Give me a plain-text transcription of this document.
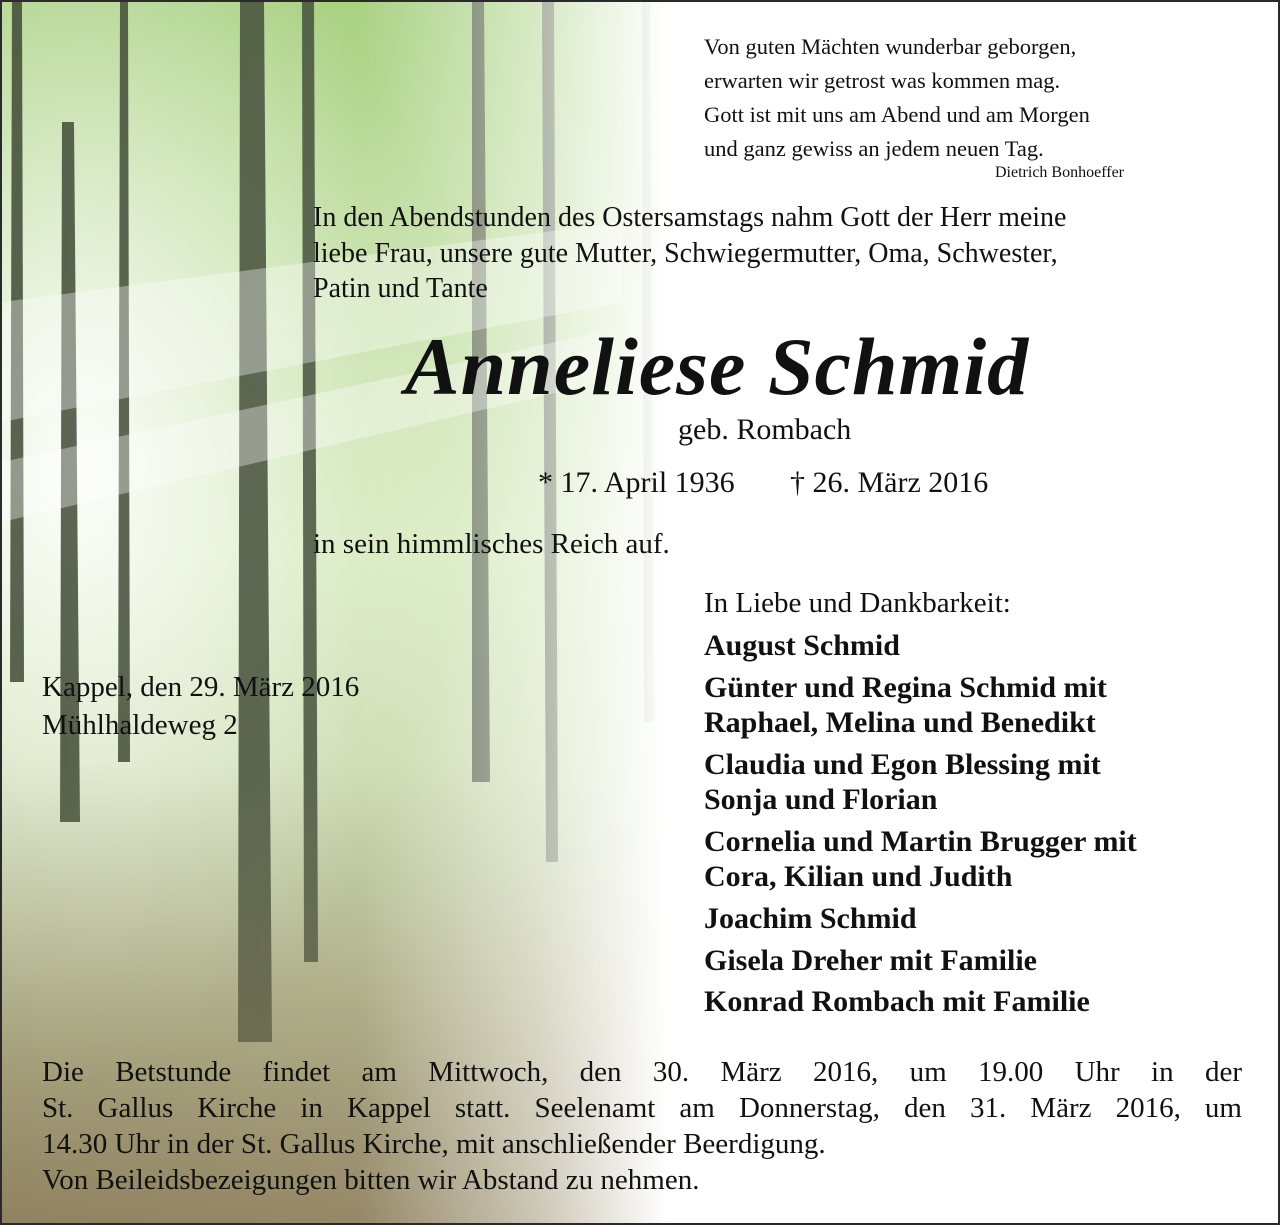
Von guten Mächten wunderbar geborgen,
erwarten wir getrost was kommen mag.
Gott ist mit uns am Abend und am Morgen
und ganz gewiss an jedem neuen Tag.
Dietrich Bonhoeffer
In den Abendstunden des Ostersamstags nahm Gott der Herr meine
liebe Frau, unsere gute Mutter, Schwiegermutter, Oma, Schwester,
Patin und Tante
Anneliese Schmid
geb. Rombach
* 17. April 1936 † 26. März 2016
in sein himmlisches Reich auf.
In Liebe und Dankbarkeit:
August Schmid
Günter und Regina Schmid mit
Raphael, Melina und Benedikt
Claudia und Egon Blessing mit
Sonja und Florian
Cornelia und Martin Brugger mit
Cora, Kilian und Judith
Joachim Schmid
Gisela Dreher mit Familie
Konrad Rombach mit Familie
Kappel, den 29. März 2016
Mühlhaldeweg 2
Die Betstunde findet am Mittwoch, den 30. März 2016, um 19.00 Uhr in der
St. Gallus Kirche in Kappel statt. Seelenamt am Donnerstag, den 31. März 2016, um
14.30 Uhr in der St. Gallus Kirche, mit anschließender Beerdigung.
Von Beileidsbezeigungen bitten wir Abstand zu nehmen.
